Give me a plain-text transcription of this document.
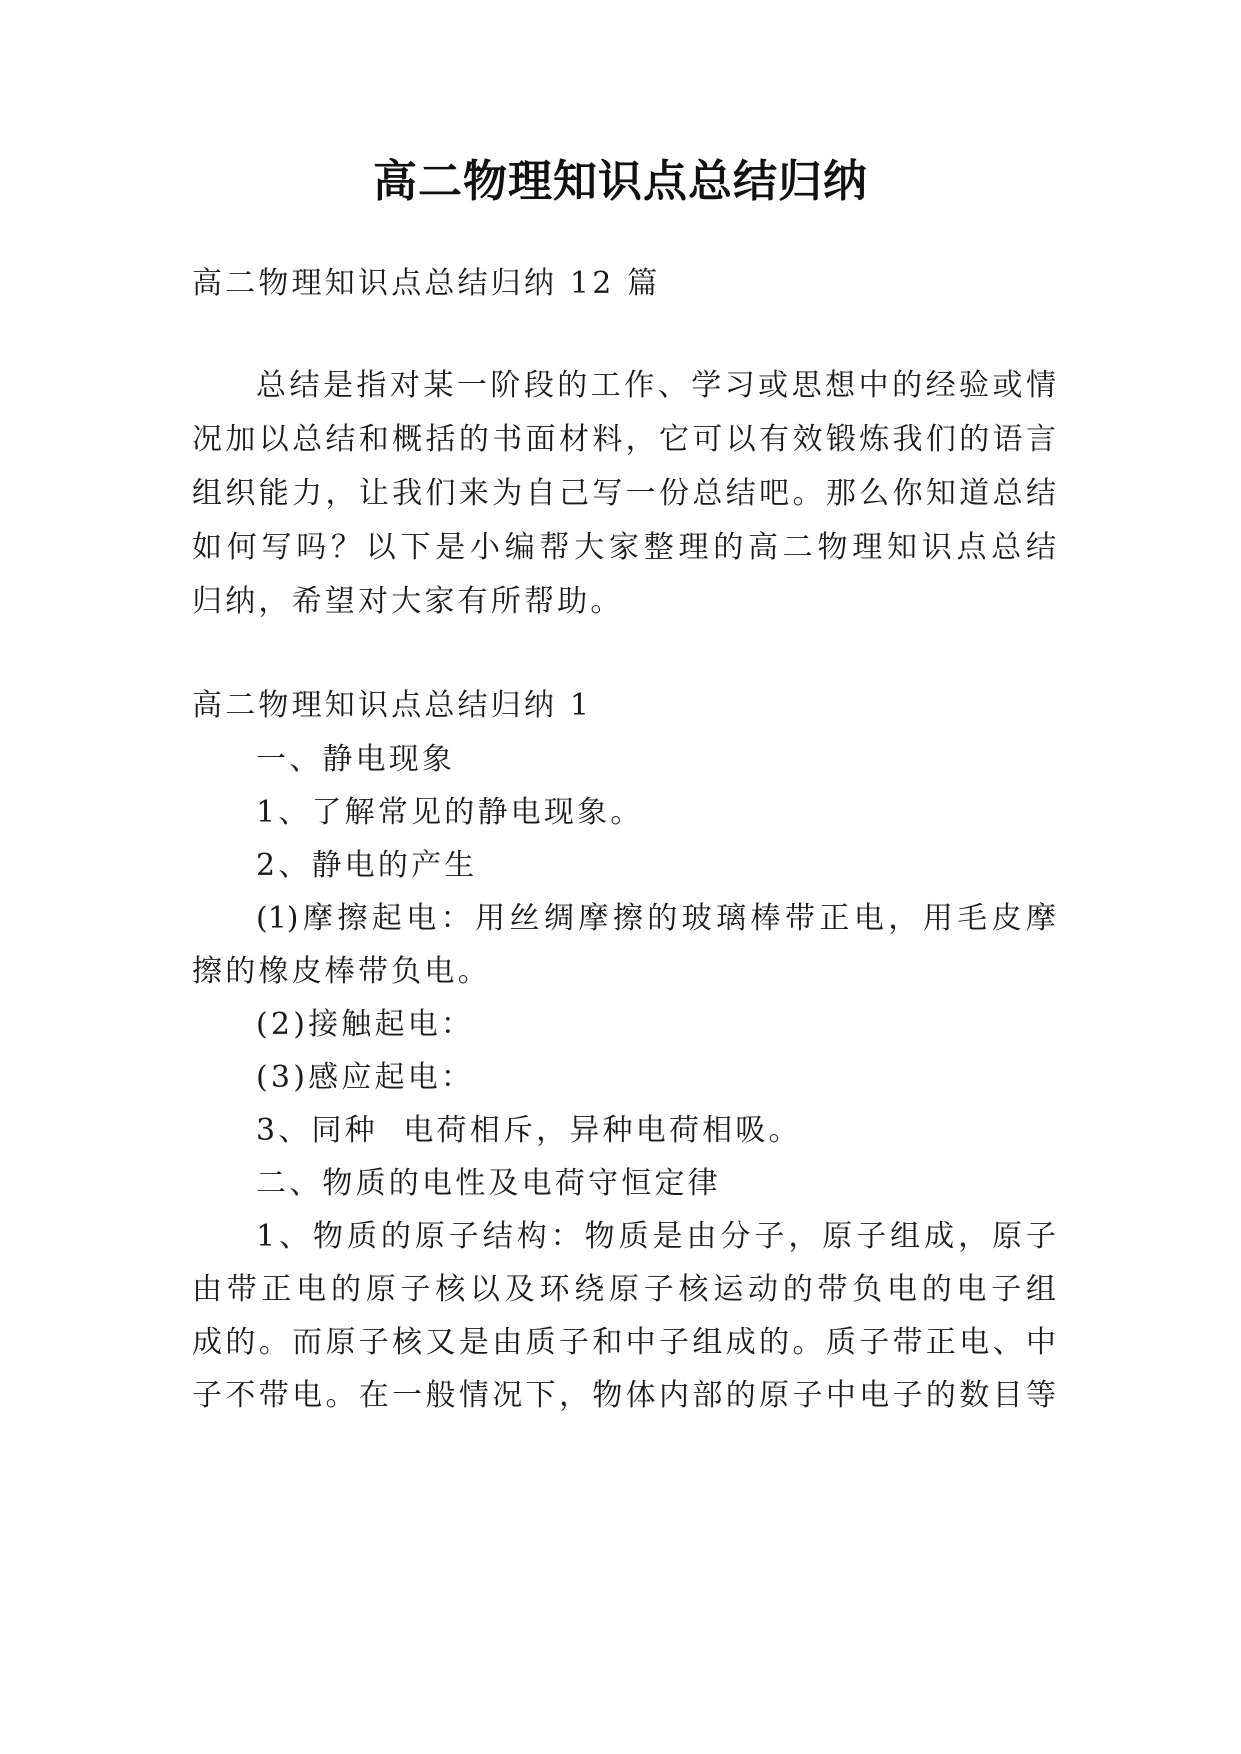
高二物理知识点总结归纳
高二物理知识点总结归纳 12 篇
总结是指对某一阶段的工作、学习或思想中的经验或情
况加以总结和概括的书面材料，它可以有效锻炼我们的语言
组织能力，让我们来为自己写一份总结吧。那么你知道总结
如何写吗？以下是小编帮大家整理的高二物理知识点总结
归纳，希望对大家有所帮助。
高二物理知识点总结归纳 1
一、静电现象
1、了解常见的静电现象。
2、静电的产生
(1)摩擦起电：用丝绸摩擦的玻璃棒带正电，用毛皮摩
擦的橡皮棒带负电。
(2)接触起电：
(3)感应起电：
3、同种  电荷相斥，异种电荷相吸。
二、物质的电性及电荷守恒定律
1、物质的原子结构：物质是由分子，原子组成，原子
由带正电的原子核以及环绕原子核运动的带负电的电子组
成的。而原子核又是由质子和中子组成的。质子带正电、中
子不带电。在一般情况下，物体内部的原子中电子的数目等
